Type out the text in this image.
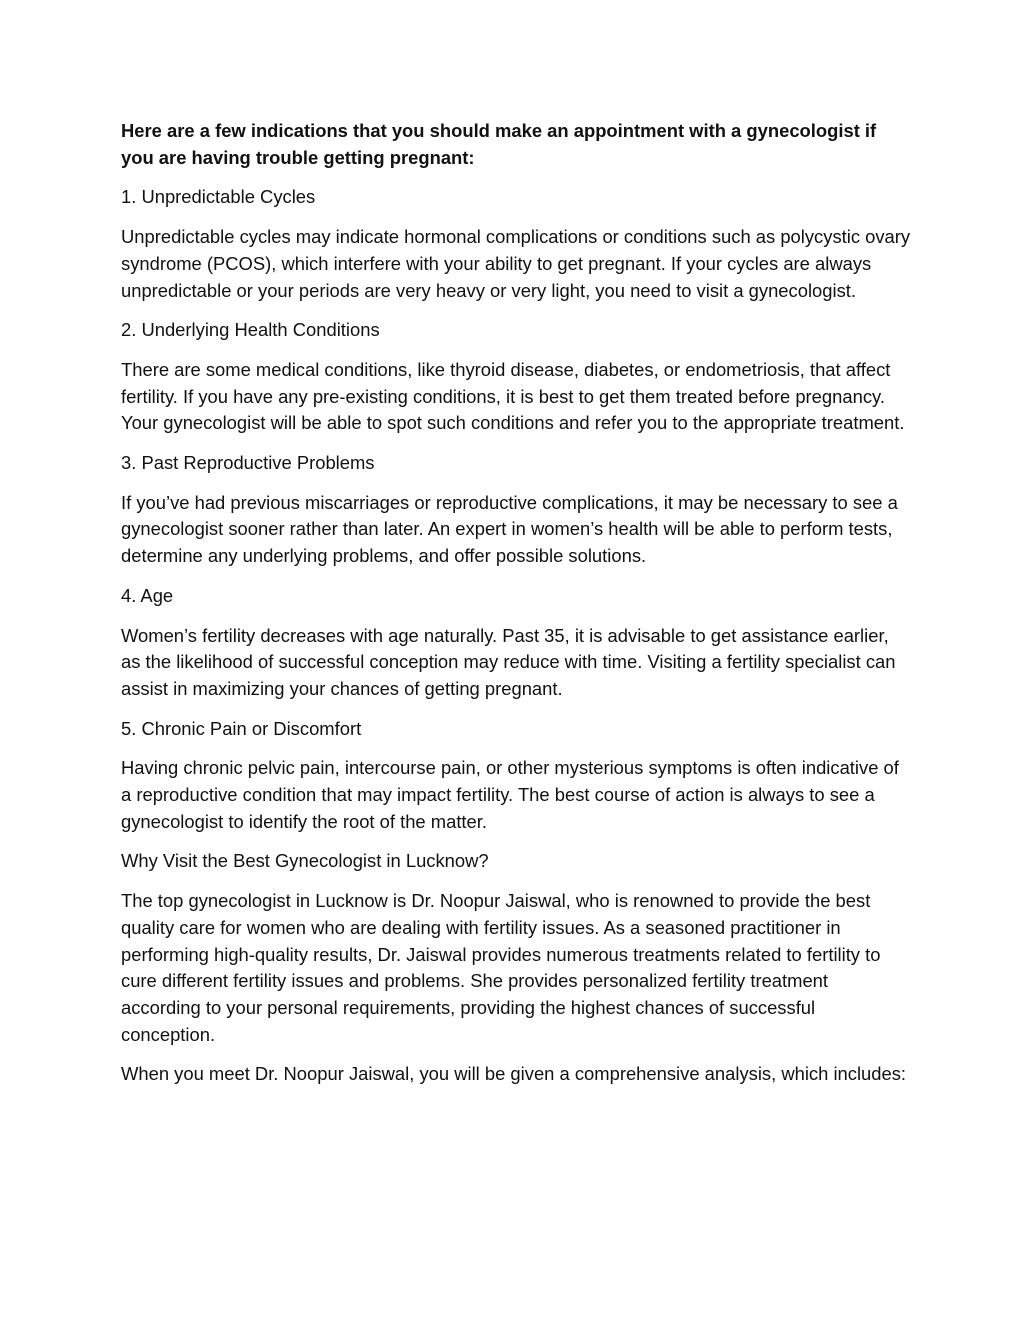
Here are a few indications that you should make an appointment with a gynecologist if you are having trouble getting pregnant:

1. Unpredictable Cycles

Unpredictable cycles may indicate hormonal complications or conditions such as polycystic ovary syndrome (PCOS), which interfere with your ability to get pregnant. If your cycles are always unpredictable or your periods are very heavy or very light, you need to visit a gynecologist.

2. Underlying Health Conditions

There are some medical conditions, like thyroid disease, diabetes, or endometriosis, that affect fertility. If you have any pre-existing conditions, it is best to get them treated before pregnancy. Your gynecologist will be able to spot such conditions and refer you to the appropriate treatment.

3. Past Reproductive Problems

If you’ve had previous miscarriages or reproductive complications, it may be necessary to see a gynecologist sooner rather than later. An expert in women’s health will be able to perform tests, determine any underlying problems, and offer possible solutions.

4. Age

Women’s fertility decreases with age naturally. Past 35, it is advisable to get assistance earlier, as the likelihood of successful conception may reduce with time. Visiting a fertility specialist can assist in maximizing your chances of getting pregnant.

5. Chronic Pain or Discomfort

Having chronic pelvic pain, intercourse pain, or other mysterious symptoms is often indicative of a reproductive condition that may impact fertility. The best course of action is always to see a gynecologist to identify the root of the matter.

Why Visit the Best Gynecologist in Lucknow?

The top gynecologist in Lucknow is Dr. Noopur Jaiswal, who is renowned to provide the best quality care for women who are dealing with fertility issues. As a seasoned practitioner in performing high-quality results, Dr. Jaiswal provides numerous treatments related to fertility to cure different fertility issues and problems. She provides personalized fertility treatment according to your personal requirements, providing the highest chances of successful conception.

When you meet Dr. Noopur Jaiswal, you will be given a comprehensive analysis, which includes:
